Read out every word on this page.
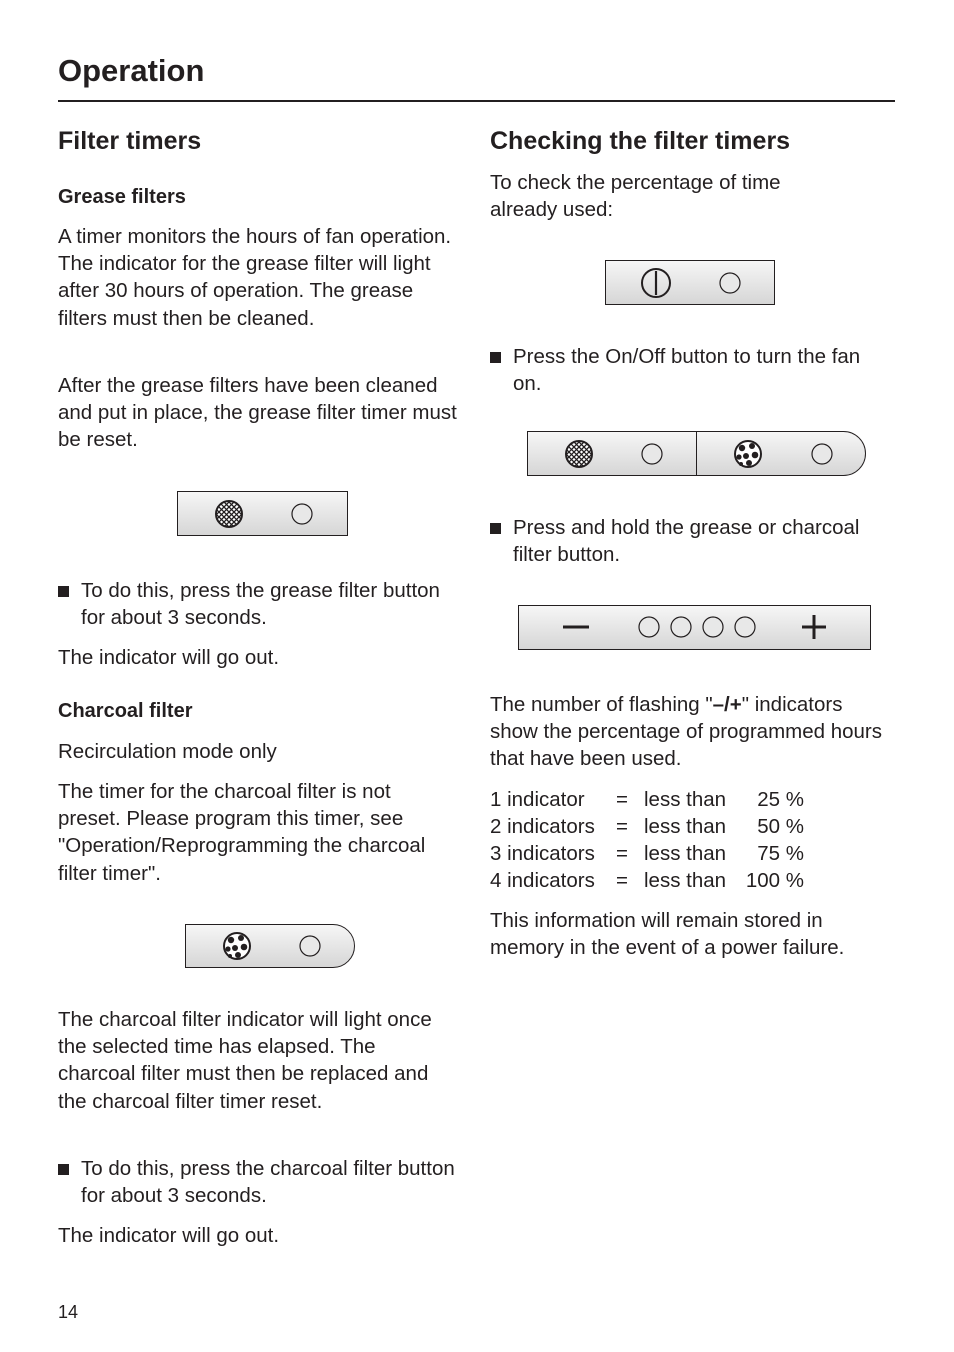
Operation
Filter timers
Grease filters
A timer monitors the hours of fan operation. The indicator for the grease filter will light after 30 hours of operation. The grease filters must then be cleaned.
After the grease filters have been cleaned and put in place, the grease filter timer must be reset.
To do this, press the grease filter button for about 3 seconds.
The indicator will go out.
Charcoal filter
Recirculation mode only
The timer for the charcoal filter is not preset. Please program this timer, see "Operation/Reprogramming the charcoal filter timer".
The charcoal filter indicator will light once the selected time has elapsed. The charcoal filter must then be replaced and the charcoal filter timer reset.
To do this, press the charcoal filter button for about 3 seconds.
The indicator will go out.
Checking the filter timers
To check the percentage of time already used:
Press the On/Off button to turn the fan on.
Press and hold the grease or charcoal filter button.
The number of flashing "–/+" indicators show the percentage of programmed hours that have been used.
1 indicator	=	less than	25 %
2 indicators	=	less than	50 %
3 indicators	=	less than	75 %
4 indicators	=	less than	100 %
This information will remain stored in memory in the event of a power failure.
14
